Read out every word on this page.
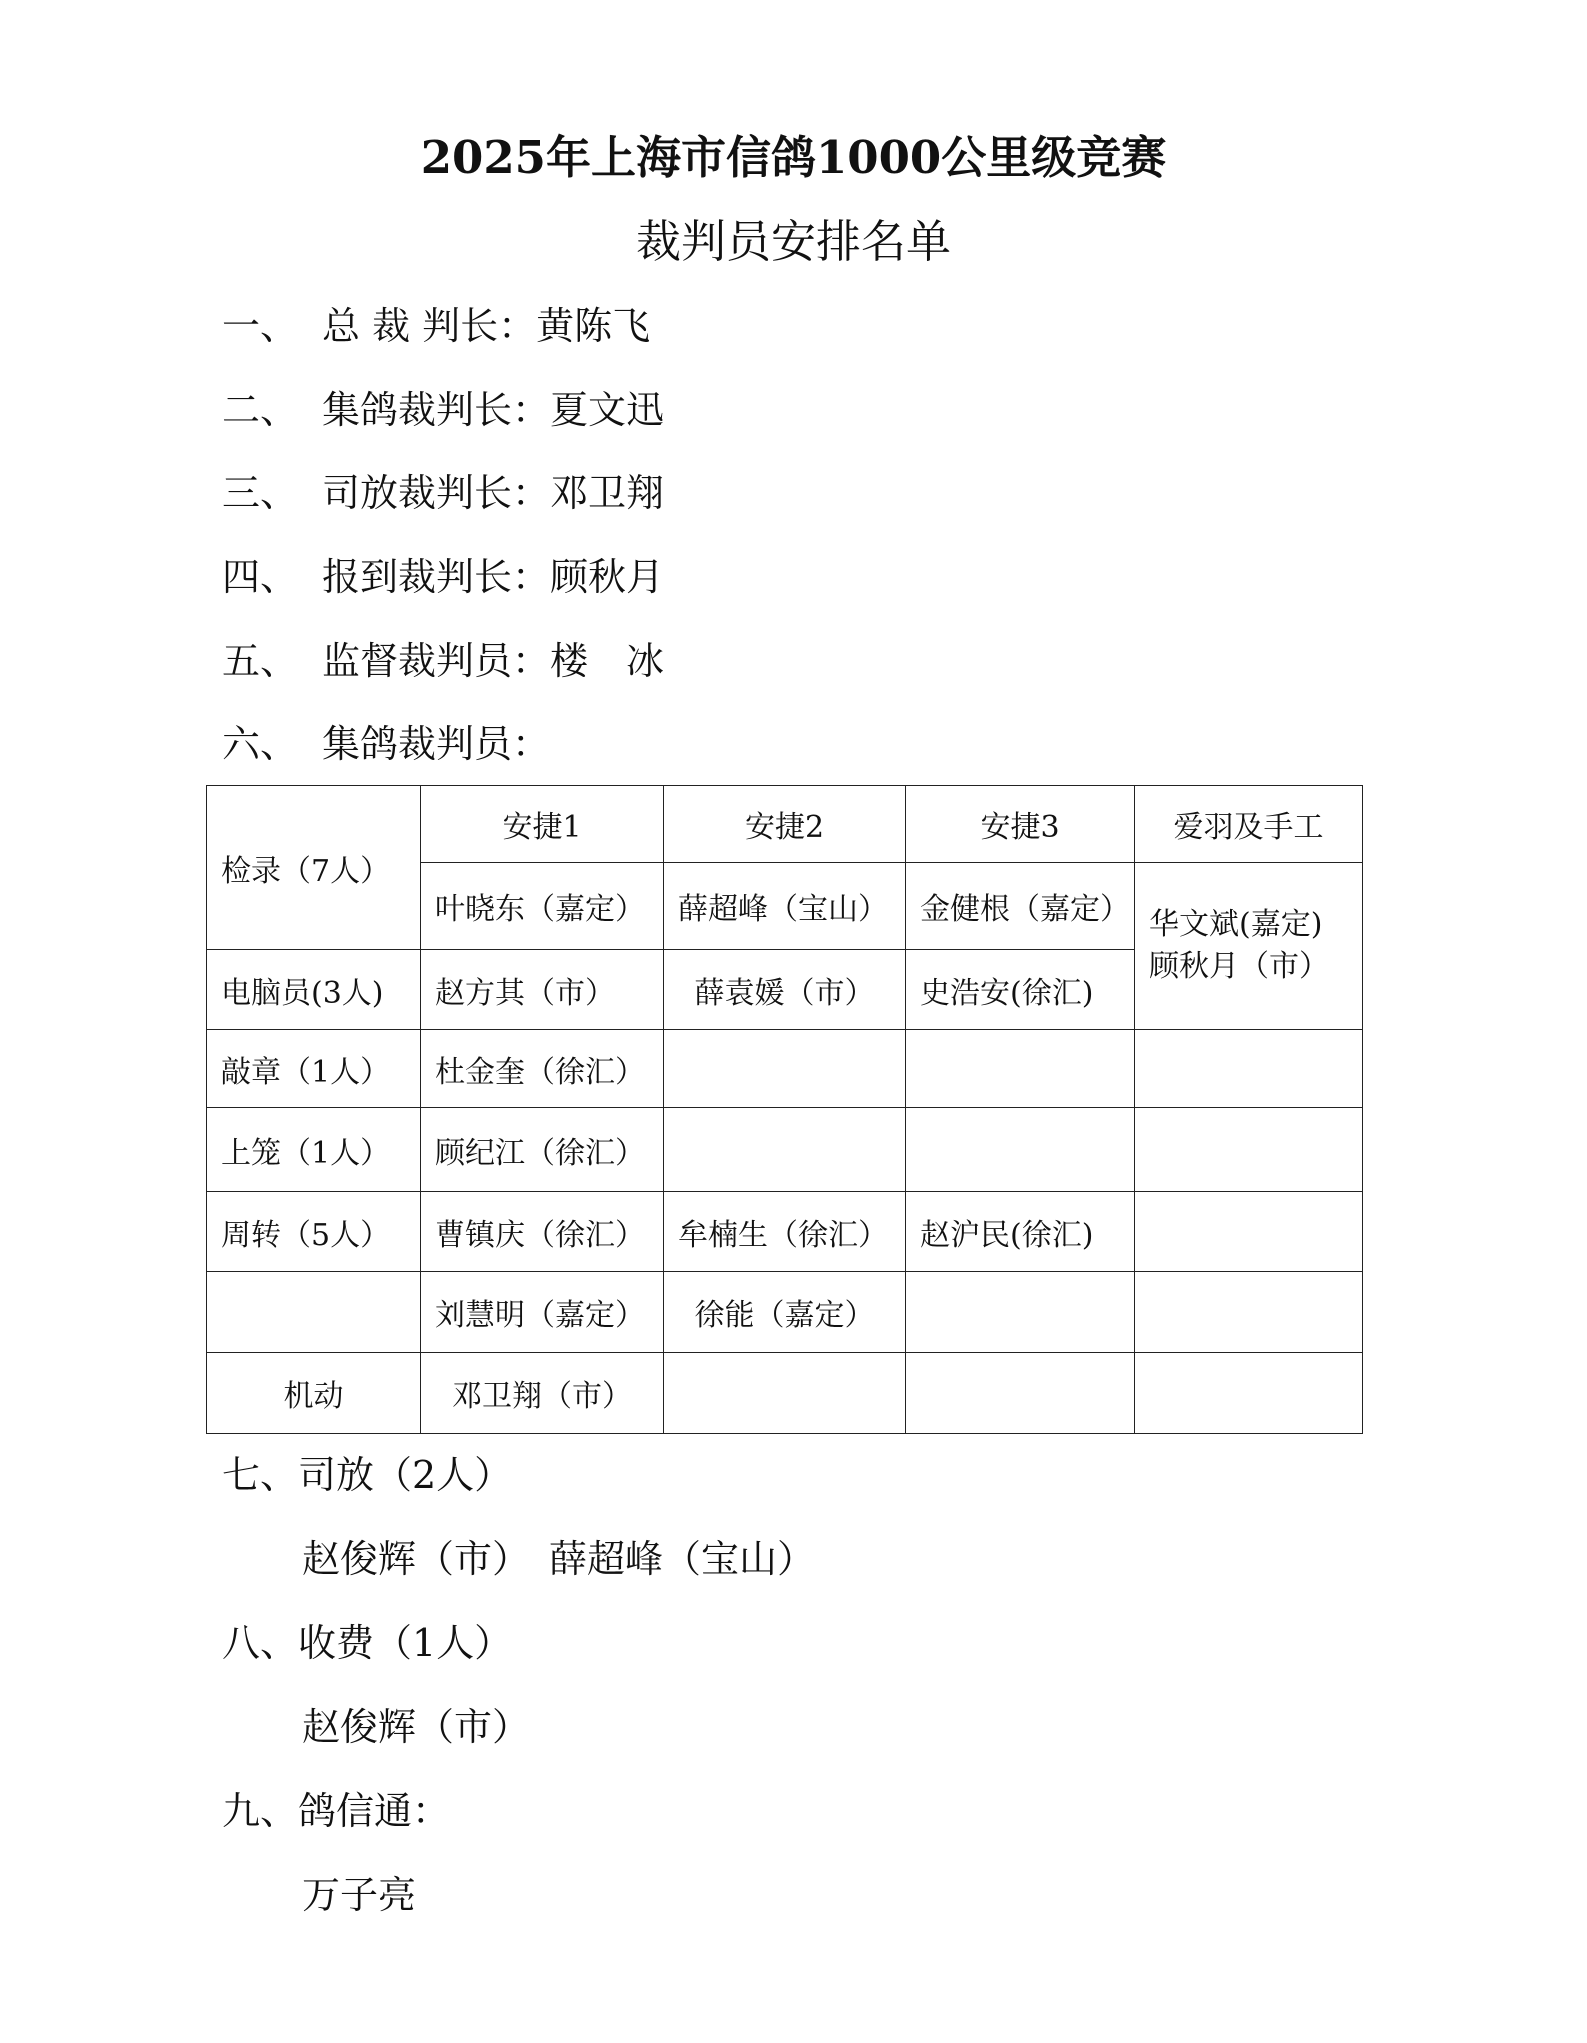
2025年上海市信鸽1000公里级竞赛
裁判员安排名单
一、 总 裁 判长：黄陈飞
二、 集鸽裁判长：夏文迅
三、 司放裁判长：邓卫翔
四、 报到裁判长：顾秋月
五、 监督裁判员：楼　冰
六、 集鸽裁判员：
检录（7人）	安捷1	安捷2	安捷3	爱羽及手工
	叶晓东（嘉定）	薛超峰（宝山）	金健根（嘉定）	华文斌(嘉定)
顾秋月（市）

电脑员(3人)	赵方其（市）	薛袁媛（市）	史浩安(徐汇)	
敲章（1人）	杜金奎（徐汇）			
上笼（1人）	顾纪江（徐汇）			
周转（5人）	曹镇庆（徐汇）	牟楠生（徐汇）	赵沪民(徐汇)	
	刘慧明（嘉定）	徐能（嘉定）		
机动	邓卫翔（市）			
七、司放（2人）
赵俊辉（市）　薛超峰（宝山）
八、收费（1人）
赵俊辉（市）
九、鸽信通：
万子亮
